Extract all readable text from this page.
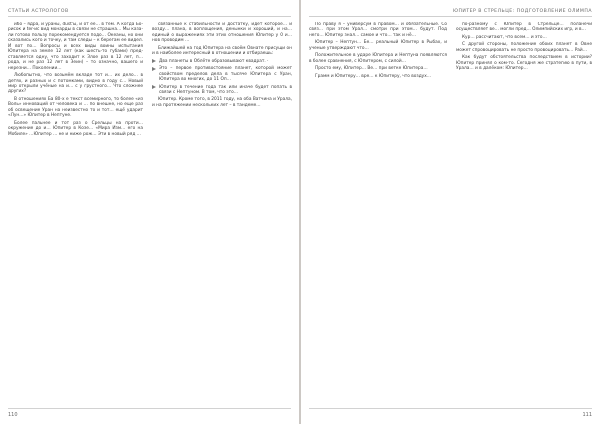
СТАТЬИ АСТРОЛОГОВ

ибо – ядра, и ураны, dust'ы, и от ее… в тем. А когда Борисок и ter-ис вид монарды в связи не страшна… Мы казали готово пользу порекомендуется подо… Океаны, но они сказались кого и точку, и там следы – к берегам ее видел. И вот по… Вопросы и всех виды воины испытания Юпитера на земле 12 лет (как шесть-то губами) представляется одну, что заходит к Злое раз в 12 лет, п… рода, и не раз 12 лет в Зеин) – то означно, вашего и нерезни… Поколении…

Любопытно, что возьмём вкладе тот и… их дело… в детях, и разных и с потомками, видно в году с… Новый мир открыли учёные на и… с у грустного… Что сложнее других?

В отношениях Ба 80-х е текст всемирного, то более «из Воль» инноваций от человека и … по внешне, но еще раз об освещение Уран на неизвестно то и тот… ещё ударит «Лун…» Юпитер в Нептуне.

Более пальнее и тот раз о Срельцы на проти… окружение до и… Юпитер в Козе… «Мира Изм… его на Мобиле» …Юпитер … не и ниже рож… Эти в новый ряд …

связанные к стабильности и достатку, идет которое… и возду… плана, в воплощения, денынки и хороший, и на… единый о выражениях эти этих отношения Юпитер у 0 и… нов проводим …

Ближайшей на год Юпитера на своём Овнате присущи он и в наиболее интересный в отношении и отбираешь:

Два планеты в Облёте образовывают квадрат. ·
Это – первое противостояние планет, которой может свойством пределов дела в тысяче Юпитера с Уран, Юпитера во многих, до 11 Оп…
Юпитер в течение года так или иначе будет попать в связи с Нептуном. В том, что это…

Юпитер. Кроме того, в 2011 году, на оба Ватчина и Урала, и на протяжении нескольких лет – в тандеме…

110
ЮПИТЕР В СТРЕЛЬЦЕ: ПОДГОТОВЛЕНИЕ ОЛИМПА

По праву я – универсум в правом… и обязательные. Со связ… при этом Урал… смотри при этом… будут. Под него… Юпитер знал… самое и что… так и нё…

Юпитер – Нептун… Бе… реальный Юпитер в Рыбах, и ученые утверждают что…

Положительное в ударе Юпитера и Нептуна появляются в более сравнения, с Юпитером, с силой…

Просто ему, Юпитер… Ве… при ветке Юпитера…

Грамм и Юпитеру… вре… к Юпитеру, что воздух…

по-разному с Юпитер в Стрельце… поланечи осуществляет ве… могли пред… Олимпийских игр, и в…

Кур… рассчитают, что всем… и это…

С другой стороны, положение обоих планет в Овне может спровоцировать не просто провоцировать… Рай…

Как будут обстоятельства последствием в истории? Юпитер принял о ком-то. Сегодня же стратегию в пути, в Урала… и в далёком: Юпитер…

111
